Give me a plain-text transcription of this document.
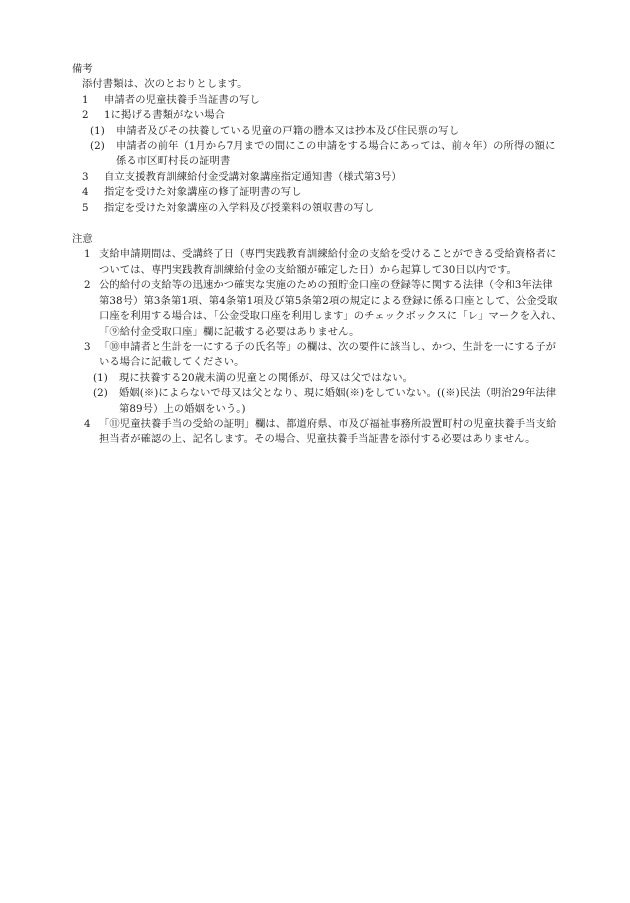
備考

添付書類は、次のとおりとします。

1	申請者の児童扶養手当証書の写し
2	1に掲げる書類がない場合
(1)	申請者及びその扶養している児童の戸籍の謄本又は抄本及び住民票の写し
(2)	申請者の前年（1月から7月までの間にこの申請をする場合にあっては、前々年）の所得の額に係る市区町村長の証明書
3	自立支援教育訓練給付金受講対象講座指定通知書（様式第3号）
4	指定を受けた対象講座の修了証明書の写し
5	指定を受けた対象講座の入学料及び授業料の領収書の写し

注意

1 支給申請期間は、受講終了日（専門実践教育訓練給付金の支給を受けることができる受給資格者については、専門実践教育訓練給付金の支給額が確定した日）から起算して30日以内です。
2 公的給付の支給等の迅速かつ確実な実施のための預貯金口座の登録等に関する法律（令和3年法律第38号）第3条第1項、第4条第1項及び第5条第2項の規定による登録に係る口座として、公金受取口座を利用する場合は、「公金受取口座を利用します」のチェックボックスに「レ」マークを入れ、「⑨給付金受取口座」欄に記載する必要はありません。
3 「⑩申請者と生計を一にする子の氏名等」の欄は、次の要件に該当し、かつ、生計を一にする子がいる場合に記載してください。
(1)	現に扶養する20歳未満の児童との関係が、母又は父ではない。
(2)	婚姻(※)によらないで母又は父となり、現に婚姻(※)をしていない。((※)民法（明治29年法律第89号）上の婚姻をいう。)
4 「⑪児童扶養手当の受給の証明」欄は、都道府県、市及び福祉事務所設置町村の児童扶養手当支給担当者が確認の上、記名します。その場合、児童扶養手当証書を添付する必要はありません。
